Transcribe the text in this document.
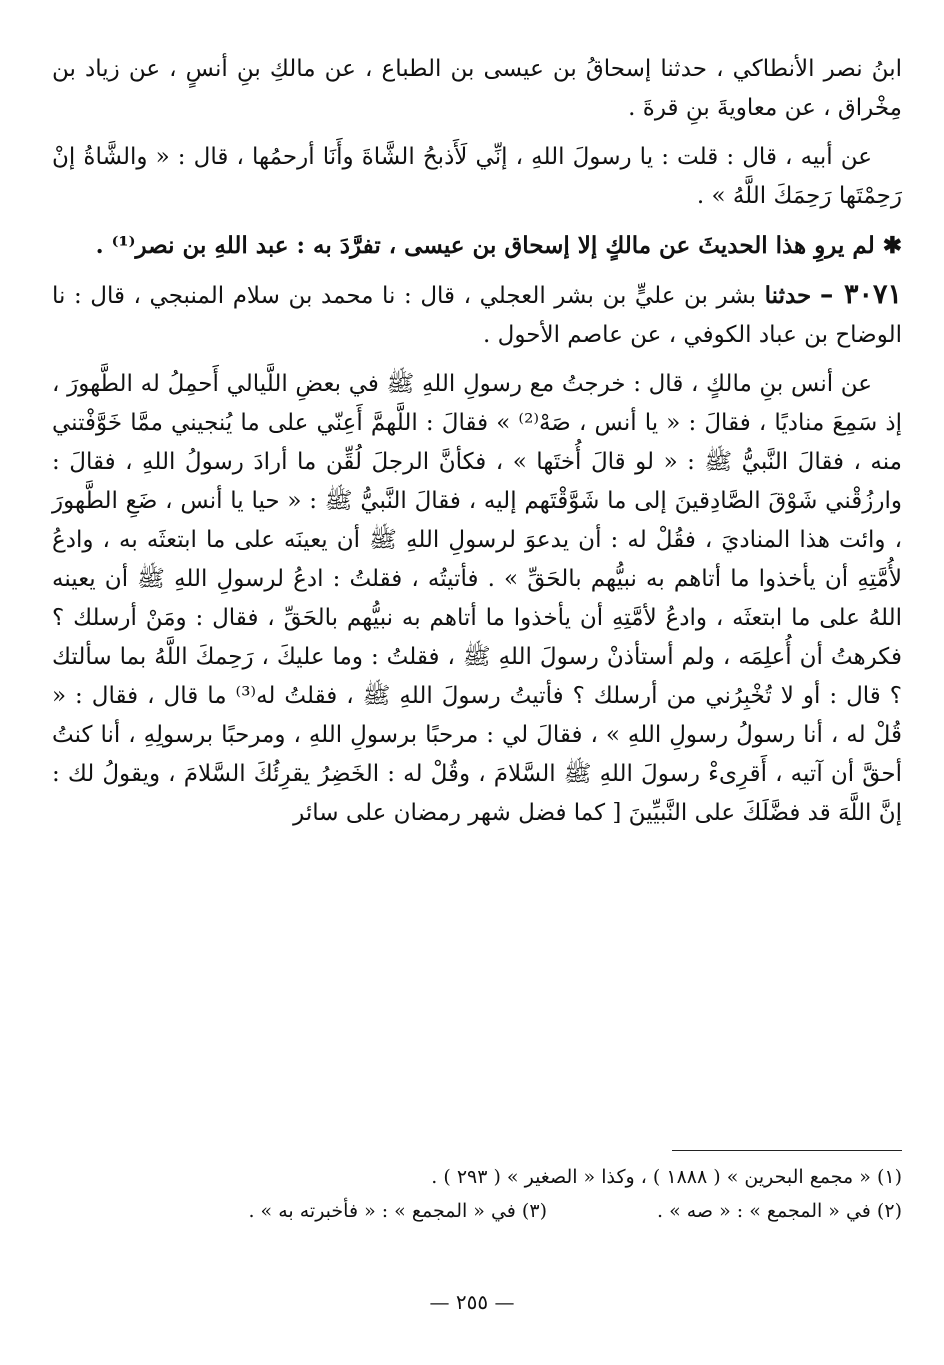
ابنُ نصر الأنطاكي ، حدثنا إسحاقُ بن عيسى بن الطباع ، عن مالكِ بنِ أنسٍ ، عن زياد بن مِخْراق ، عن معاويةَ بنِ قرةَ .

عن أبيه ، قال : قلت : يا رسولَ اللهِ ، إنِّي لَأَذبحُ الشَّاةَ وأَنَا أرحمُها ، قال : « والشَّاةُ إنْ رَحِمْتَها رَحِمَكَ اللَّهُ » .

✱ لم يروِ هذا الحديثَ عن مالكٍ إلا إسحاق بن عيسى ، تفرَّدَ به : عبد اللهِ بن نصر⁽¹⁾ .

٣٠٧١ – حدثنا بشر بن عليٍّ بن بشر العجلي ، قال : نا محمد بن سلام المنبجي ، قال : نا الوضاح بن عباد الكوفي ، عن عاصم الأحول .

عن أنس بنِ مالكٍ ، قال : خرجتُ مع رسولِ اللهِ ﷺ في بعضِ اللَّيالي أَحمِلُ له الطَّهورَ ، إذ سَمِعَ مناديًا ، فقالَ : « يا أنس ، صَهْ⁽²⁾ » فقالَ : اللَّهمَّ أَعِنّي على ما يُنجيني ممَّا خَوَّفْتني منه ، فقالَ النَّبيُّ ﷺ : « لو قالَ أُختَها » ، فكأنَّ الرجلَ لُقِّن ما أرادَ رسولُ اللهِ ، فقالَ : وارزُقْني شَوْقَ الصَّادِقينَ إلى ما شَوَّقْتَهم إليه ، فقالَ النَّبيُّ ﷺ : « حيا يا أنس ، ضَعِ الطَّهورَ ، وائت هذا المناديَ ، فقُلْ له : أن يدعوَ لرسولِ اللهِ ﷺ أن يعينَه على ما ابتعثَه به ، وادعُ لأُمَّتِهِ أن يأخذوا ما أتاهم به نبيُّهم بالحَقِّ » . فأتيتُه ، فقلتُ : ادعُ لرسولِ اللهِ ﷺ أن يعينه اللهُ على ما ابتعثَه ، وادعُ لأمَّتِهِ أن يأخذوا ما أتاهم به نبيُّهم بالحَقِّ ، فقال : ومَنْ أرسلك ؟ فكرهتُ أن أُعلِمَه ، ولم أستأذنْ رسولَ اللهِ ﷺ ، فقلتُ : وما عليكَ ، رَحِمكَ اللَّهُ بما سألتك ؟ قال : أو لا تُخْبِرُني من أرسلك ؟ فأتيتُ رسولَ اللهِ ﷺ ، فقلتُ له⁽³⁾ ما قال ، فقال : « قُلْ له ، أنا رسولُ رسولِ اللهِ » ، فقالَ لي : مرحبًا برسولِ اللهِ ، ومرحبًا برسولِهِ ، أنا كنتُ أحقَّ أن آتيه ، أَقرِىءْ رسولَ اللهِ ﷺ السَّلامَ ، وقُلْ له : الخَضِرُ يقرِئُكَ السَّلامَ ، ويقولُ لك : إنَّ اللَّهَ قد فضَّلَكَ على النَّبيِّينَ [ كما فضل شهر رمضان على سائر

(١) « مجمع البحرين » ( ١٨٨٨ ) ، وكذا « الصغير » ( ٢٩٣ ) .
(٢) في « المجمع » : « صه » .
(٣) في « المجمع » : « فأخبرته به » .
— ٢٥٥ —
